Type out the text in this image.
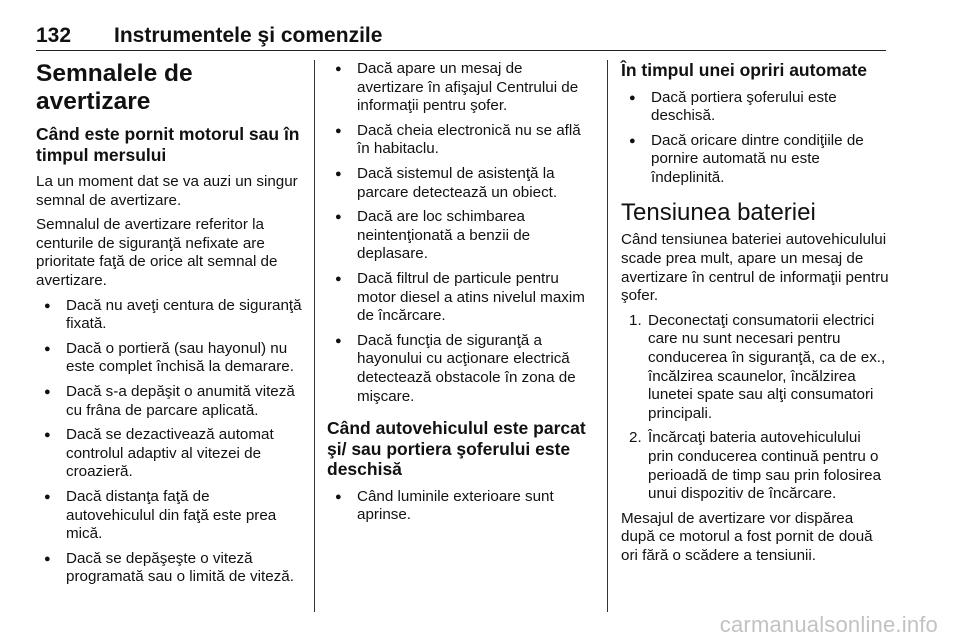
132 Instrumentele şi comenzile
Semnalele de avertizare
Când este pornit motorul sau în timpul mersului

La un moment dat se va auzi un singur semnal de avertizare.

Semnalul de avertizare referitor la centurile de siguranţă nefixate are prioritate faţă de orice alt semnal de avertizare.

● Dacă nu aveţi centura de siguranţă fixată.
● Dacă o portieră (sau hayonul) nu este complet închisă la demarare.
● Dacă s-a depăşit o anumită viteză cu frâna de parcare aplicată.
● Dacă se dezactivează automat controlul adaptiv al vitezei de croazieră.
● Dacă distanţa faţă de autovehiculul din faţă este prea mică.
● Dacă se depăşeşte o viteză programată sau o limită de viteză.
● Dacă apare un mesaj de avertizare în afişajul Centrului de informaţii pentru şofer.
● Dacă cheia electronică nu se află în habitaclu.
● Dacă sistemul de asistenţă la parcare detectează un obiect.
● Dacă are loc schimbarea neintenţionată a benzii de deplasare.
● Dacă filtrul de particule pentru motor diesel a atins nivelul maxim de încărcare.
● Dacă funcţia de siguranţă a hayonului cu acţionare electrică detectează obstacole în zona de mişcare.
Când autovehiculul este parcat şi/ sau portiera şoferului este deschisă
● Când luminile exterioare sunt aprinse.
În timpul unei opriri automate
● Dacă portiera şoferului este deschisă.
● Dacă oricare dintre condiţiile de pornire automată nu este îndeplinită.
Tensiunea bateriei

Când tensiunea bateriei autovehiculului scade prea mult, apare un mesaj de avertizare în centrul de informaţii pentru şofer.

1. Deconectaţi consumatorii electrici care nu sunt necesari pentru conducerea în siguranţă, ca de ex., încălzirea scaunelor, încălzirea lunetei spate sau alţi consumatori principali.
2. Încărcaţi bateria autovehiculului prin conducerea continuă pentru o perioadă de timp sau prin folosirea unui dispozitiv de încărcare.

Mesajul de avertizare vor dispărea după ce motorul a fost pornit de două ori fără o scădere a tensiunii.

carmanualsonline.info
